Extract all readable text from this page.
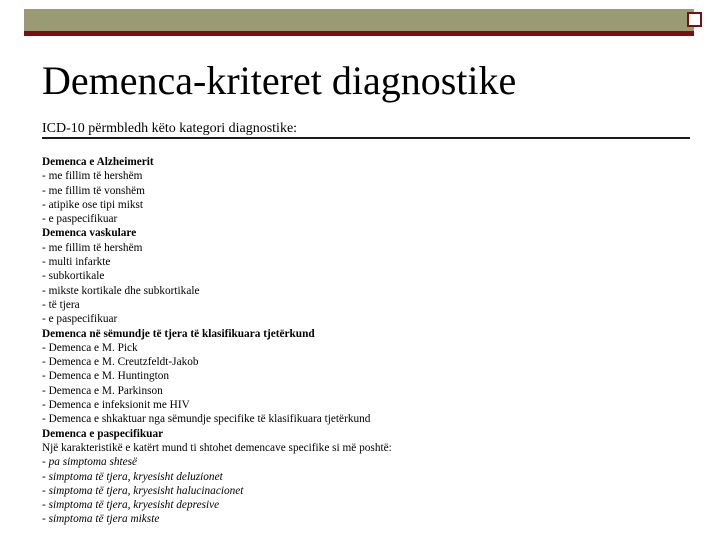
Demenca-kriteret diagnostike
ICD-10 përmbledh këto kategori diagnostike:
Demenca e Alzheimerit
- me fillim të hershëm
- me fillim të vonshëm
- atipike ose tipi mikst
- e paspecifikuar
Demenca vaskulare
- me fillim të hershëm
- multi infarkte
- subkortikale
- mikste kortikale dhe subkortikale
- të tjera
- e paspecifikuar
Demenca në sëmundje të tjera të klasifikuara tjetërkund
- Demenca e M. Pick
- Demenca e M. Creutzfeldt-Jakob
- Demenca e M. Huntington
- Demenca e M. Parkinson
- Demenca e infeksionit me HIV
- Demenca e shkaktuar nga sëmundje specifike të klasifikuara tjetërkund
Demenca e paspecifikuar
Një karakteristikë e katërt mund ti shtohet demencave specifike si më poshtë:
- pa simptoma shtesë
- simptoma të tjera, kryesisht deluzionet
- simptoma të tjera, kryesisht halucinacionet
- simptoma të tjera, kryesisht depresive
- simptoma të tjera mikste
